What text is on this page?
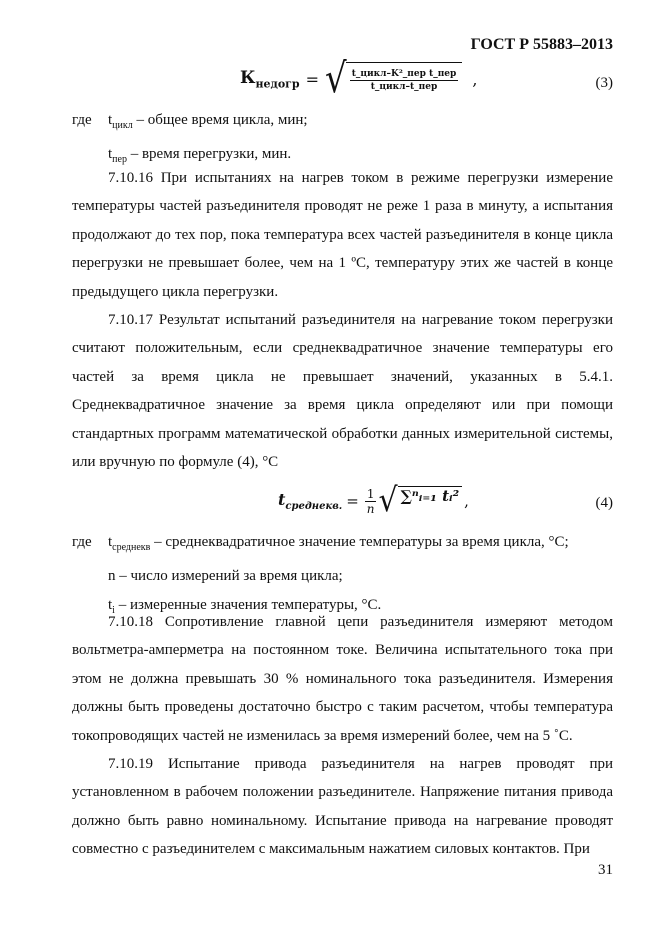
ГОСТ Р 55883–2013
$К_{недогр}$ = √ $\frac{\text{t\_цикл–K²\_пер t\_пер}}{\text{t\_цикл–t\_пер}}$ ,	(3)
где $t_{цикл}$ – общее время цикла, мин;
$t_{пер}$ – время перегрузки, мин.

7.10.16 При испытаниях на нагрев током в режиме перегрузки измерение температуры частей разъединителя проводят не реже 1 раза в минуту, а испытания продолжают до тех пор, пока температура всех частей разъединителя в конце цикла перегрузки не превышает более, чем на 1 ºC, температуру этих же частей в конце предыдущего цикла перегрузки.

7.10.17 Результат испытаний разъединителя на нагревание током перегрузки считают положительным, если среднеквадратичное значение температуры его частей за время цикла не превышает значений, указанных в 5.4.1. Среднеквадратичное значение за время цикла определяют или при помощи стандартных программ математической обработки данных измерительной системы, или вручную по формуле (4), °C

$t_{среднекв.} = \frac{1}{n}$ √ ∑ⁿᵢ₌₁ tᵢ² ,	(4)
где $t_{среднекв}$ – среднеквадратичное значение температуры за время цикла, °C;
n – число измерений за время цикла;
$t_i$ – измеренные значения температуры, °C.

7.10.18 Сопротивление главной цепи разъединителя измеряют методом вольтметра-амперметра на постоянном токе. Величина испытательного тока при этом не должна превышать 30 % номинального тока разъединителя. Измерения должны быть проведены достаточно быстро с таким расчетом, чтобы температура токопроводящих частей не изменилась за время измерений более, чем на 5 ˚C.

7.10.19 Испытание привода разъединителя на нагрев проводят при установленном в рабочем положении разъединителе. Напряжение питания привода должно быть равно номинальному. Испытание привода на нагревание проводят совместно с разъединителем с максимальным нажатием силовых контактов. При

31
